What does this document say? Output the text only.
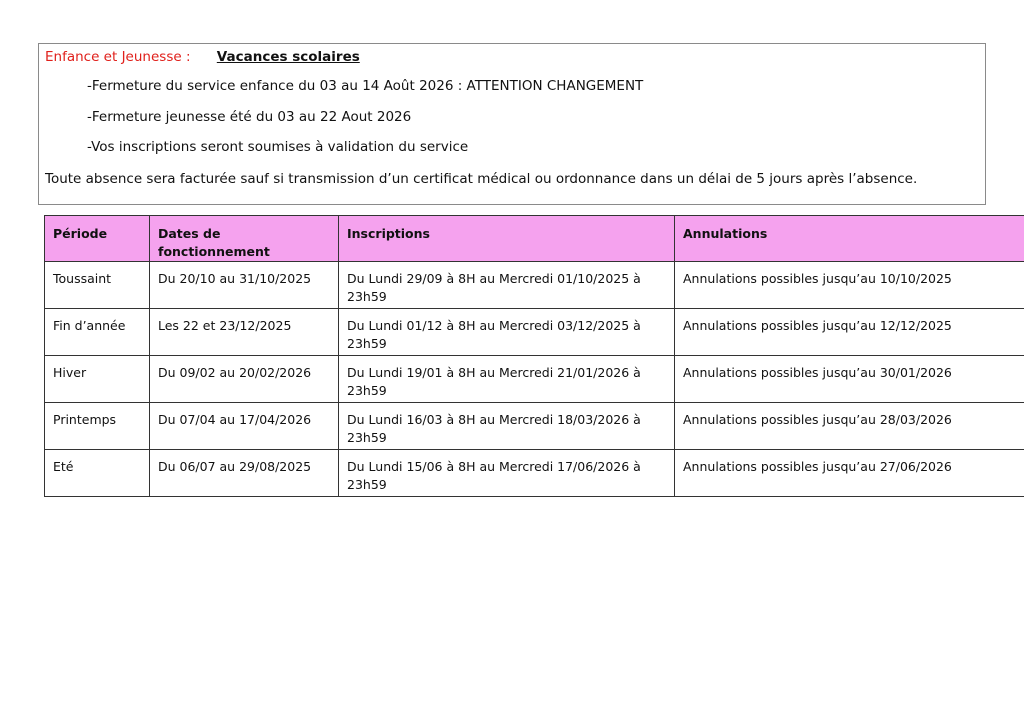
Enfance et Jeunesse : Vacances scolaires
-Fermeture du service enfance du 03 au 14 Août 2026 : ATTENTION CHANGEMENT
-Fermeture jeunesse été du 03 au 22 Aout 2026
-Vos inscriptions seront soumises à validation du service
Toute absence sera facturée sauf si transmission d’un certificat médical ou ordonnance dans un délai de 5 jours après l’absence.
Période	Dates de fonctionnement	Inscriptions	Annulations
Toussaint	Du 20/10 au 31/10/2025	Du Lundi 29/09 à 8H au Mercredi 01/10/2025 à 23h59	Annulations possibles jusqu’au 10/10/2025
Fin d’année	Les 22 et 23/12/2025	Du Lundi 01/12 à 8H au Mercredi 03/12/2025 à 23h59	Annulations possibles jusqu’au 12/12/2025
Hiver	Du 09/02 au 20/02/2026	Du Lundi 19/01 à 8H au Mercredi 21/01/2026 à 23h59	Annulations possibles jusqu’au 30/01/2026
Printemps	Du 07/04 au 17/04/2026	Du Lundi 16/03 à 8H au Mercredi 18/03/2026 à 23h59	Annulations possibles jusqu’au 28/03/2026
Eté	Du 06/07 au 29/08/2025	Du Lundi 15/06 à 8H au Mercredi 17/06/2026 à 23h59	Annulations possibles jusqu’au 27/06/2026
